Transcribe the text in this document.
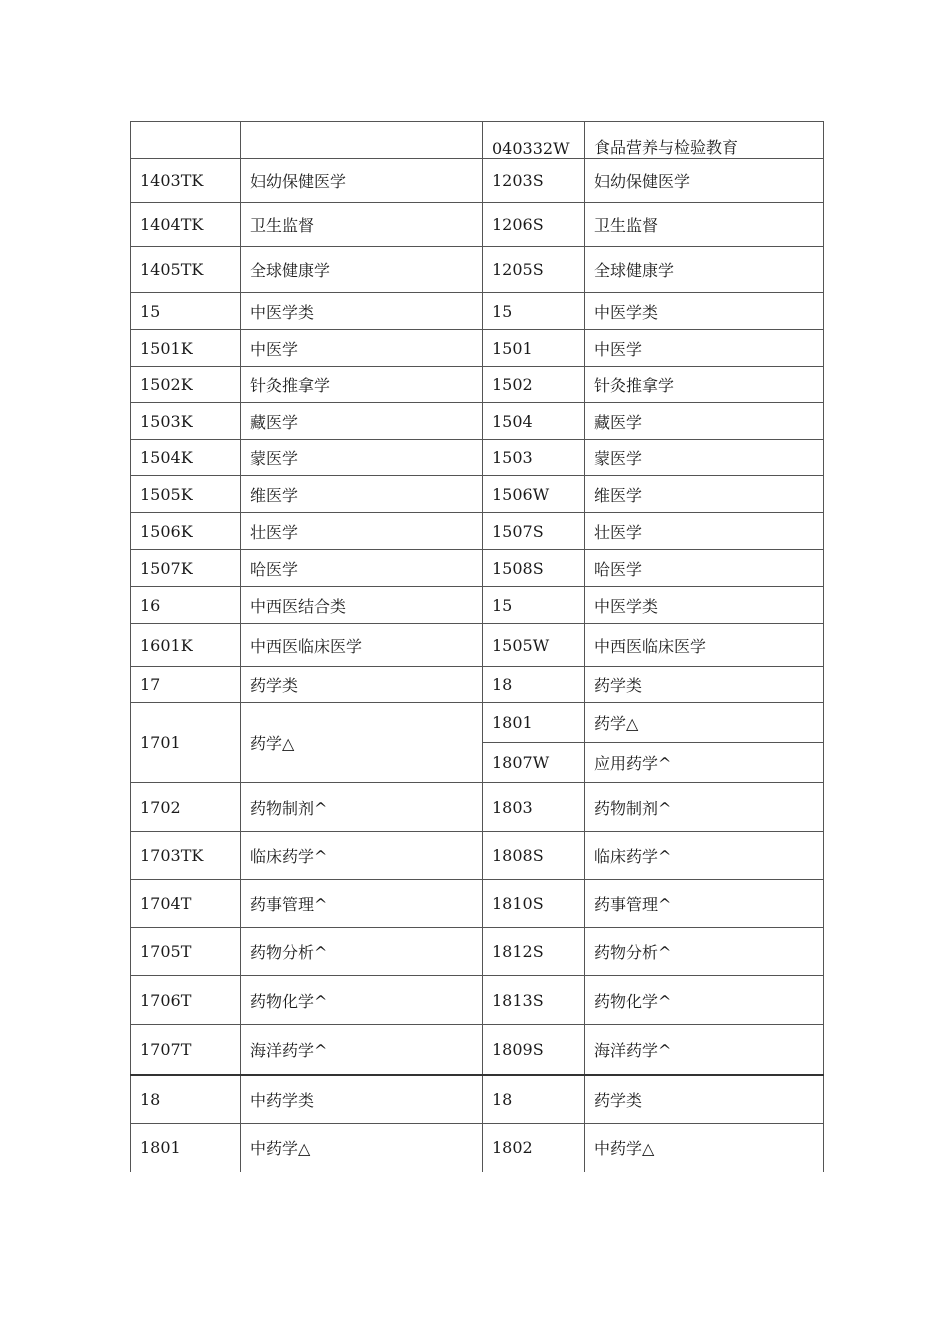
		040332W	食品营养与检验教育
1403TK	妇幼保健医学	1203S	妇幼保健医学
1404TK	卫生监督	1206S	卫生监督
1405TK	全球健康学	1205S	全球健康学
15	中医学类	15	中医学类
1501K	中医学	1501	中医学
1502K	针灸推拿学	1502	针灸推拿学
1503K	藏医学	1504	藏医学
1504K	蒙医学	1503	蒙医学
1505K	维医学	1506W	维医学
1506K	壮医学	1507S	壮医学
1507K	哈医学	1508S	哈医学
16	中西医结合类	15	中医学类
1601K	中西医临床医学	1505W	中西医临床医学
17	药学类	18	药学类
1701	药学△	1801	药学△
		1807W	应用药学^
1702	药物制剂^	1803	药物制剂^
1703TK	临床药学^	1808S	临床药学^
1704T	药事管理^	1810S	药事管理^
1705T	药物分析^	1812S	药物分析^
1706T	药物化学^	1813S	药物化学^
1707T	海洋药学^	1809S	海洋药学^
18	中药学类	18	药学类
1801	中药学△	1802	中药学△
